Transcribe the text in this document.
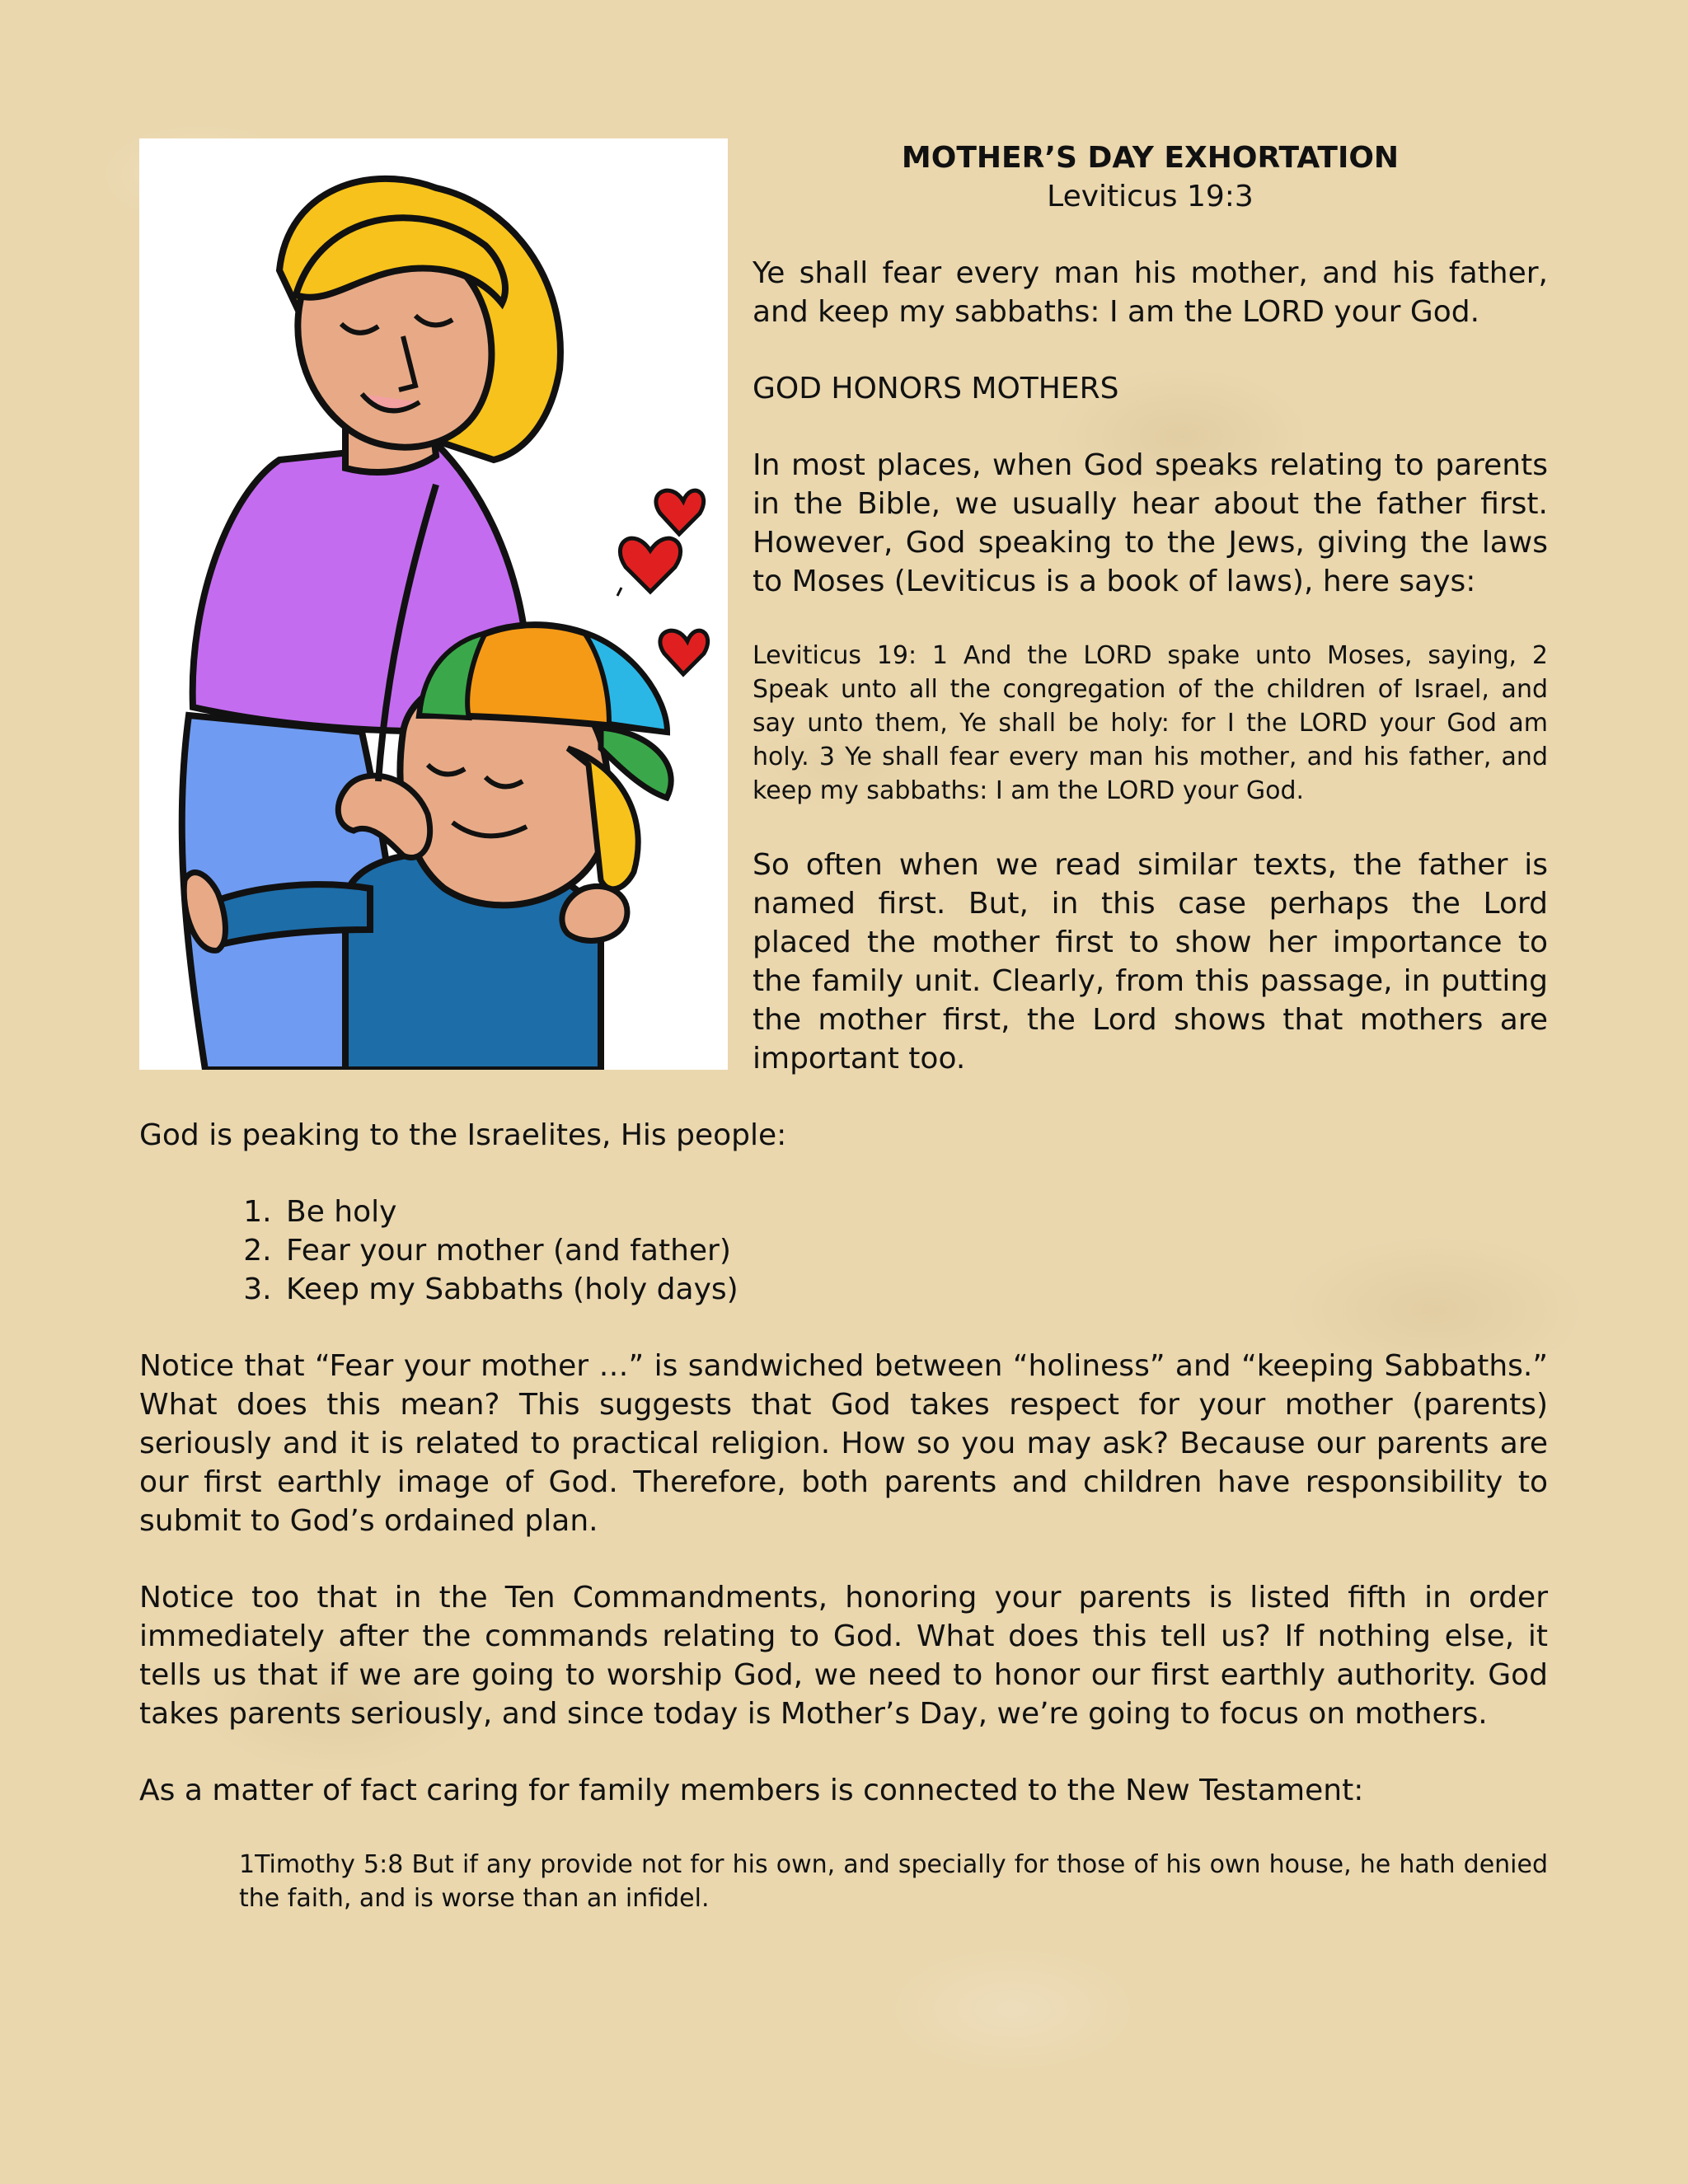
MOTHER’S DAY EXHORTATION
Leviticus 19:3

Ye shall fear every man his mother, and his father, and keep my sabbaths: I am the LORD your God.

GOD HONORS MOTHERS

In most places, when God speaks relating to parents in the Bible, we usually hear about the father first. However, God speaking to the Jews, giving the laws to Moses (Leviticus is a book of laws), here says:

Leviticus 19: 1 And the LORD spake unto Moses, saying, 2 Speak unto all the congregation of the children of Israel, and say unto them, Ye shall be holy: for I the LORD your God am holy. 3 Ye shall fear every man his mother, and his father, and keep my sabbaths: I am the LORD your God.

So often when we read similar texts, the father is named first. But, in this case perhaps the Lord placed the mother first to show her importance to the family unit. Clearly, from this passage, in putting the mother first, the Lord shows that mothers are important too.

God is peaking to the Israelites, His people:

1. Be holy
2. Fear your mother (and father)
3. Keep my Sabbaths (holy days)

Notice that “Fear your mother …” is sandwiched between “holiness” and “keeping Sabbaths.” What does this mean? This suggests that God takes respect for your mother (parents) seriously and it is related to practical religion. How so you may ask? Because our parents are our first earthly image of God. Therefore, both parents and children have responsibility to submit to God’s ordained plan.

Notice too that in the Ten Commandments, honoring your parents is listed fifth in order immediately after the commands relating to God. What does this tell us? If nothing else, it tells us that if we are going to worship God, we need to honor our first earthly authority. God takes parents seriously, and since today is Mother’s Day, we’re going to focus on mothers.

As a matter of fact caring for family members is connected to the New Testament:

1Timothy 5:8 But if any provide not for his own, and specially for those of his own house, he hath denied the faith, and is worse than an infidel.
